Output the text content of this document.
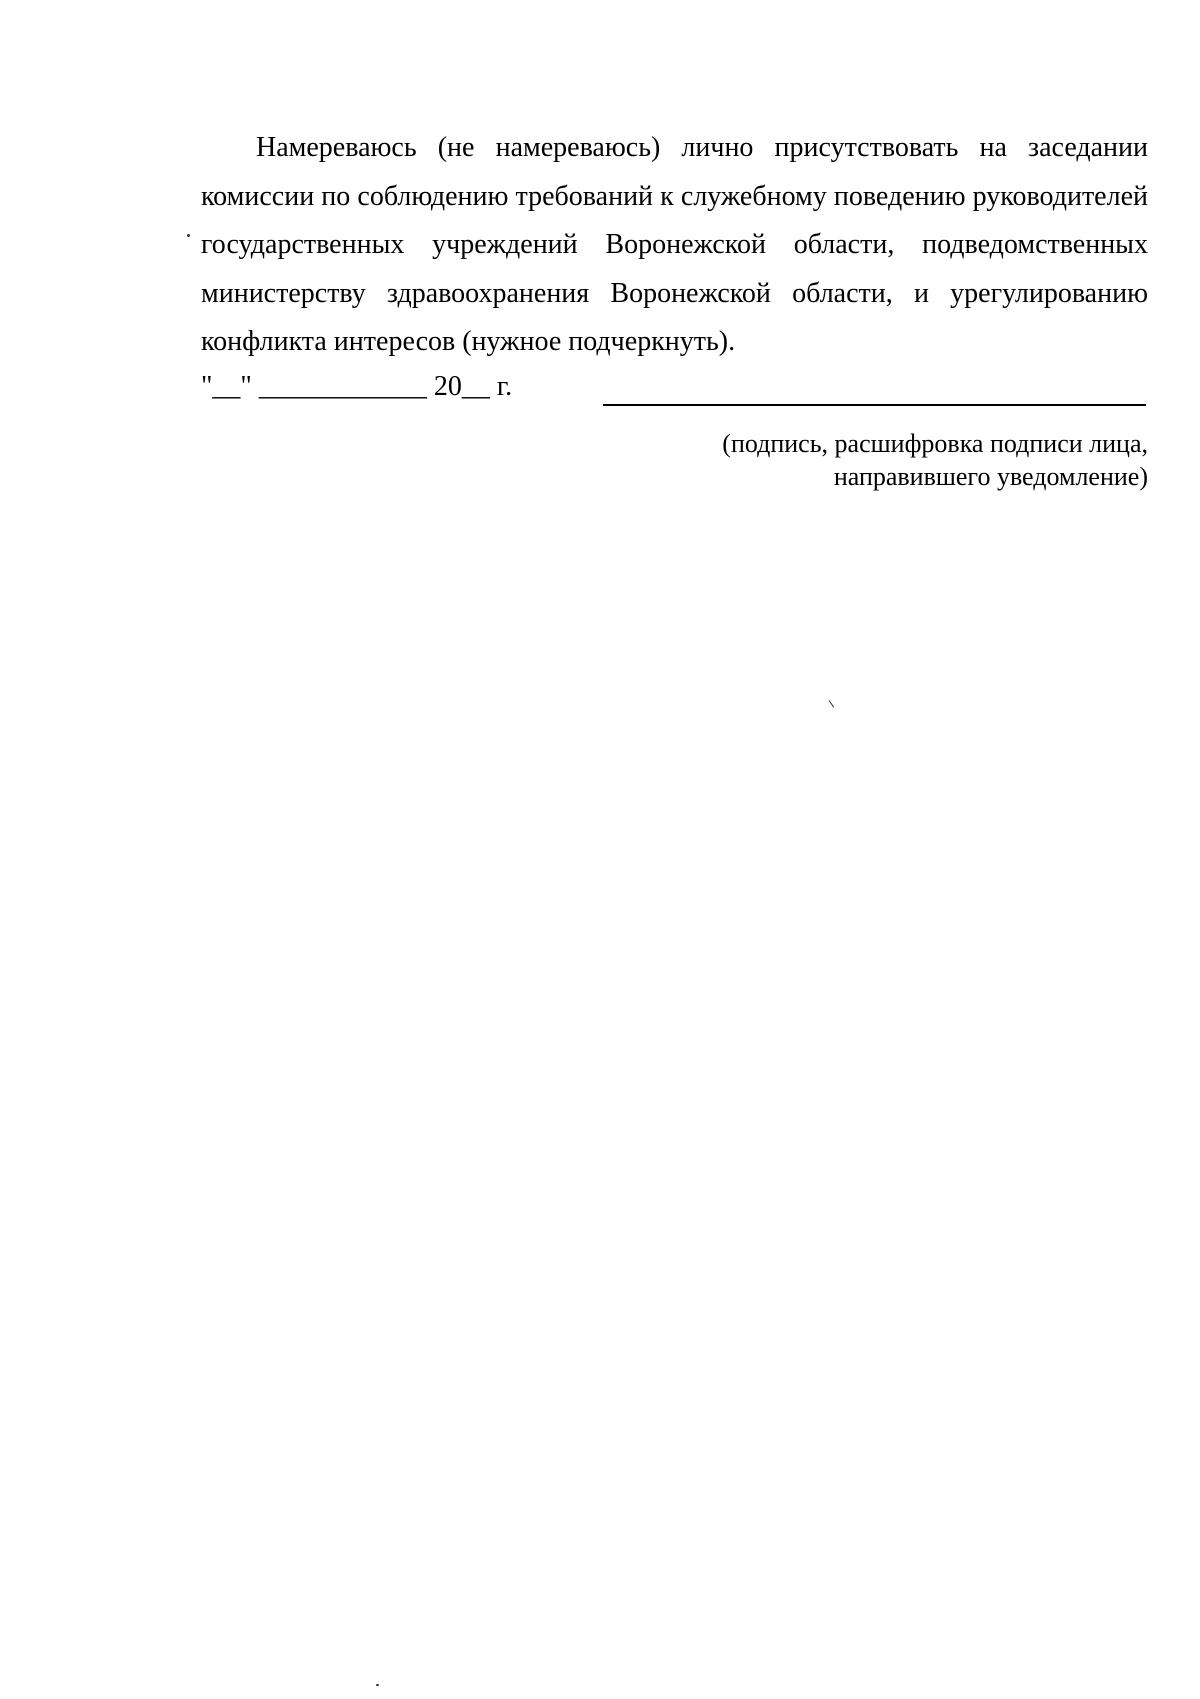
Намереваюсь (не намереваюсь) лично присутствовать на заседании комиссии по соблюдению требований к служебному поведению руководителей государственных учреждений Воронежской области, подведомственных министерству здравоохранения Воронежской области, и урегулированию конфликта интересов (нужное подчеркнуть).

"__" ____________ 20__ г.
(подпись, расшифровка подписи лица,
направившего уведомление)
